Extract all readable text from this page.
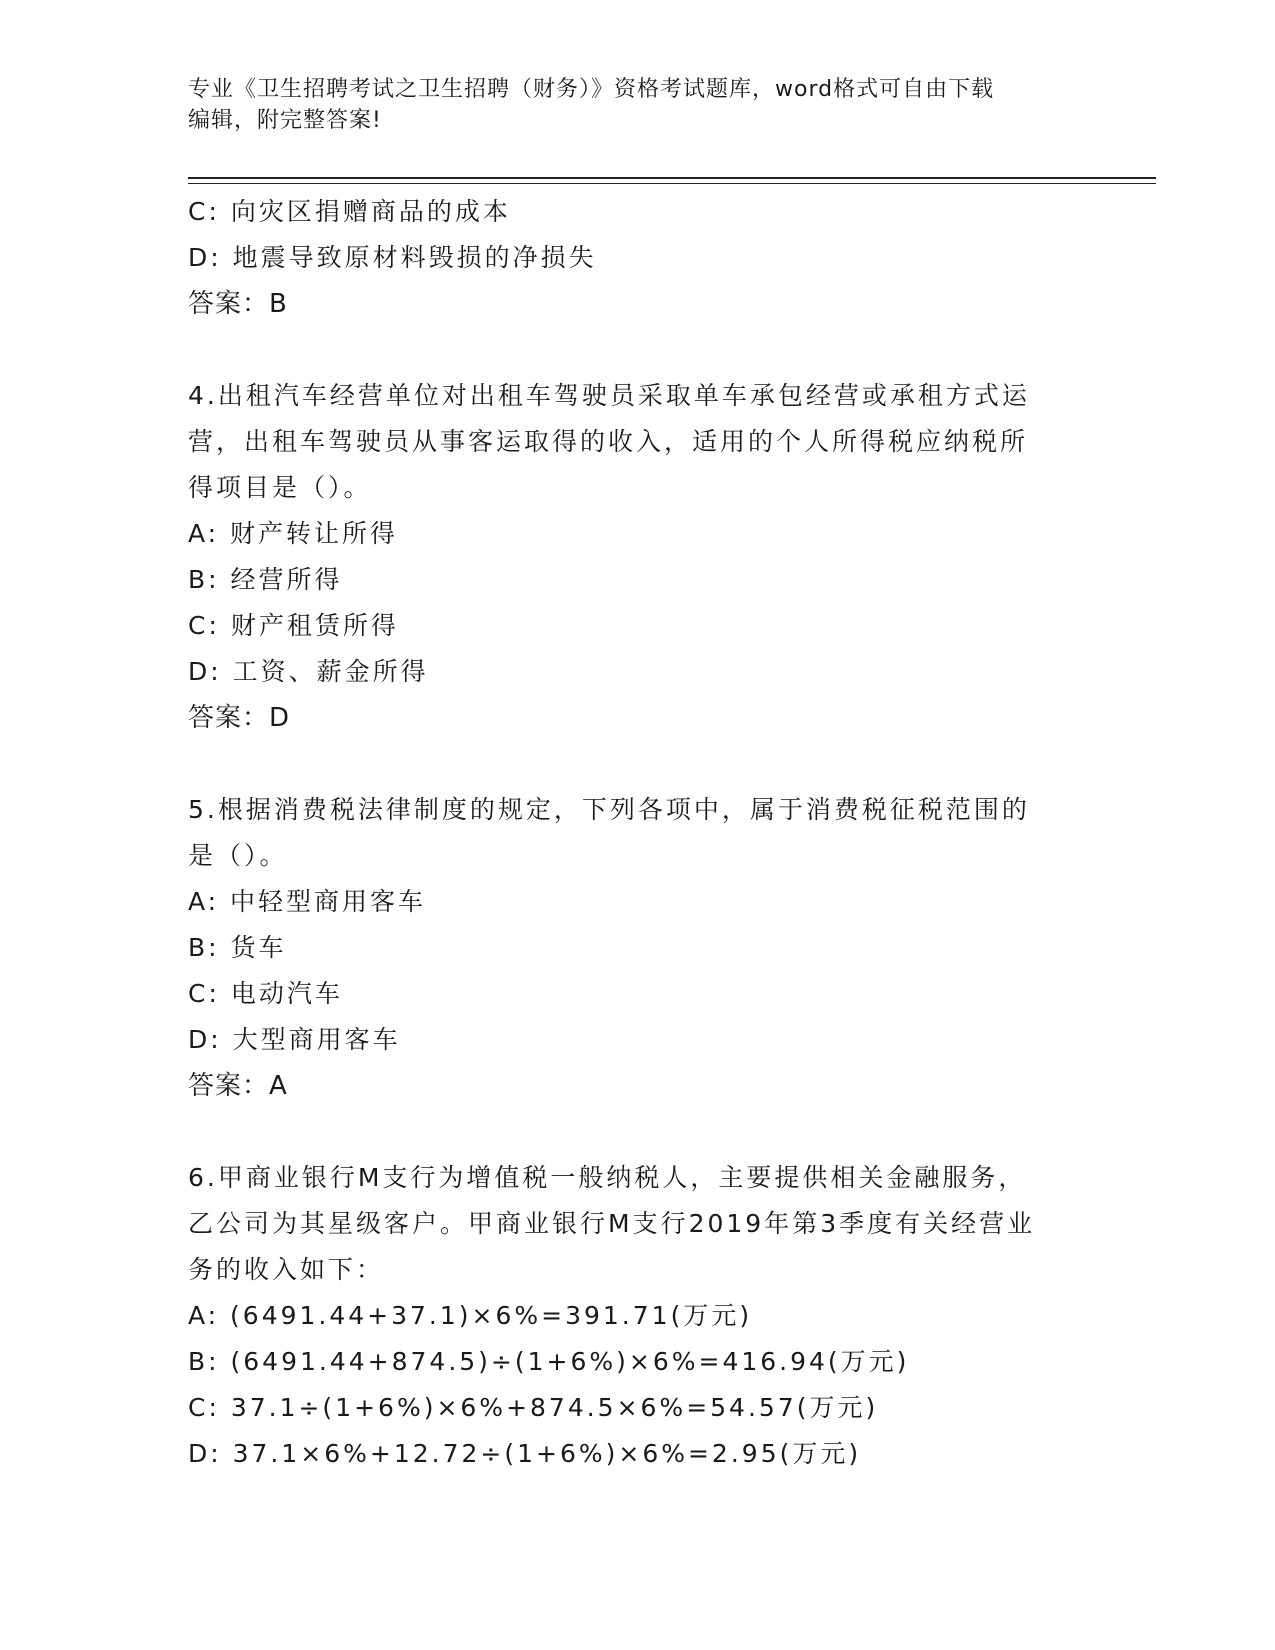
专业《卫生招聘考试之卫生招聘（财务）》资格考试题库，word格式可自由下载
编辑，附完整答案!
C: 向灾区捐赠商品的成本
D: 地震导致原材料毁损的净损失
答案：B
4.出租汽车经营单位对出租车驾驶员采取单车承包经营或承租方式运
营，出租车驾驶员从事客运取得的收入，适用的个人所得税应纳税所
得项目是（）。
A: 财产转让所得
B: 经营所得
C: 财产租赁所得
D: 工资、薪金所得
答案：D
5.根据消费税法律制度的规定，下列各项中，属于消费税征税范围的
是（）。
A: 中轻型商用客车
B: 货车
C: 电动汽车
D: 大型商用客车
答案：A
6.甲商业银行M支行为增值税一般纳税人，主要提供相关金融服务，
乙公司为其星级客户。甲商业银行M支行2019年第3季度有关经营业
务的收入如下：
A: (6491.44+37.1)×6%=391.71(万元)
B: (6491.44+874.5)÷(1+6%)×6%=416.94(万元)
C: 37.1÷(1+6%)×6%+874.5×6%=54.57(万元)
D: 37.1×6%+12.72÷(1+6%)×6%=2.95(万元)
